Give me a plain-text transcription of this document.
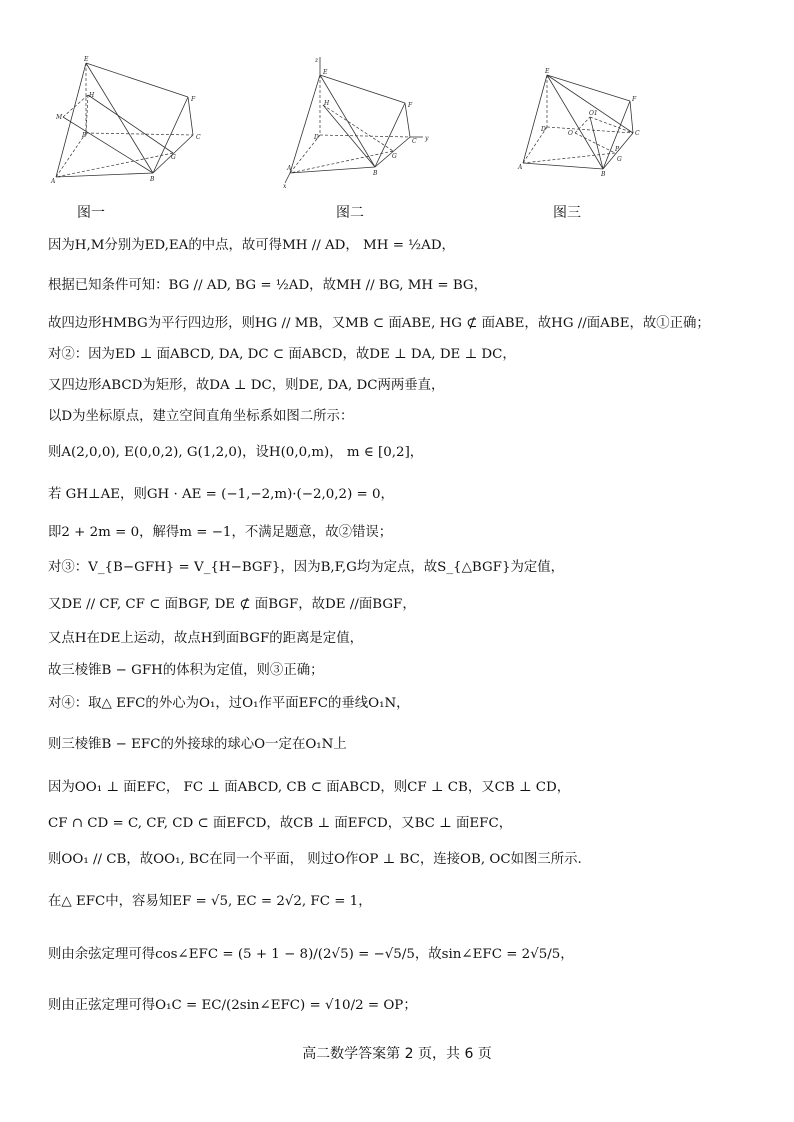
E
M
H
D
A	B
G
F
C
图一
z
E
H
D
A
B
G
F
C y
x
图二
E
D
O
O1
F
C
A
B
P
G
图三
因为H,M分别为ED,EA的中点，故可得MH // AD， MH = ½AD，
根据已知条件可知：BG // AD, BG = ½AD，故MH // BG, MH = BG，
故四边形HMBG为平行四边形，则HG // MB，又MB ⊂ 面ABE, HG ⊄ 面ABE，故HG //面ABE，故①正确；
对②：因为ED ⊥ 面ABCD, DA, DC ⊂ 面ABCD，故DE ⊥ DA, DE ⊥ DC，
又四边形ABCD为矩形，故DA ⊥ DC，则DE, DA, DC两两垂直，
以D为坐标原点，建立空间直角坐标系如图二所示：
则A(2,0,0), E(0,0,2), G(1,2,0)，设H(0,0,m)， m ∈ [0,2]，
若 GH⊥AE，则GH · AE = (−1,−2,m)·(−2,0,2) = 0，
即2 + 2m = 0，解得m = −1，不满足题意，故②错误；
对③：V_{B−GFH} = V_{H−BGF}，因为B,F,G均为定点，故S_{△BGF}为定值，
又DE // CF, CF ⊂ 面BGF, DE ⊄ 面BGF，故DE //面BGF，
又点H在DE上运动，故点H到面BGF的距离是定值，
故三棱锥B − GFH的体积为定值，则③正确；
对④：取△ EFC的外心为O₁，过O₁作平面EFC的垂线O₁N，
则三棱锥B − EFC的外接球的球心O一定在O₁N上
因为OO₁ ⊥ 面EFC， FC ⊥ 面ABCD, CB ⊂ 面ABCD，则CF ⊥ CB，又CB ⊥ CD，
CF ∩ CD = C, CF, CD ⊂ 面EFCD，故CB ⊥ 面EFCD，又BC ⊥ 面EFC，
则OO₁ // CB，故OO₁, BC在同一个平面， 则过O作OP ⊥ BC，连接OB, OC如图三所示.
在△ EFC中，容易知EF = √5, EC = 2√2, FC = 1，
则由余弦定理可得cos∠EFC = (5 + 1 − 8)/(2√5) = −√5/5，故sin∠EFC = 2√5/5，
则由正弦定理可得O₁C = EC/(2sin∠EFC) = √10/2 = OP；
高二数学答案第 2 页，共 6 页
